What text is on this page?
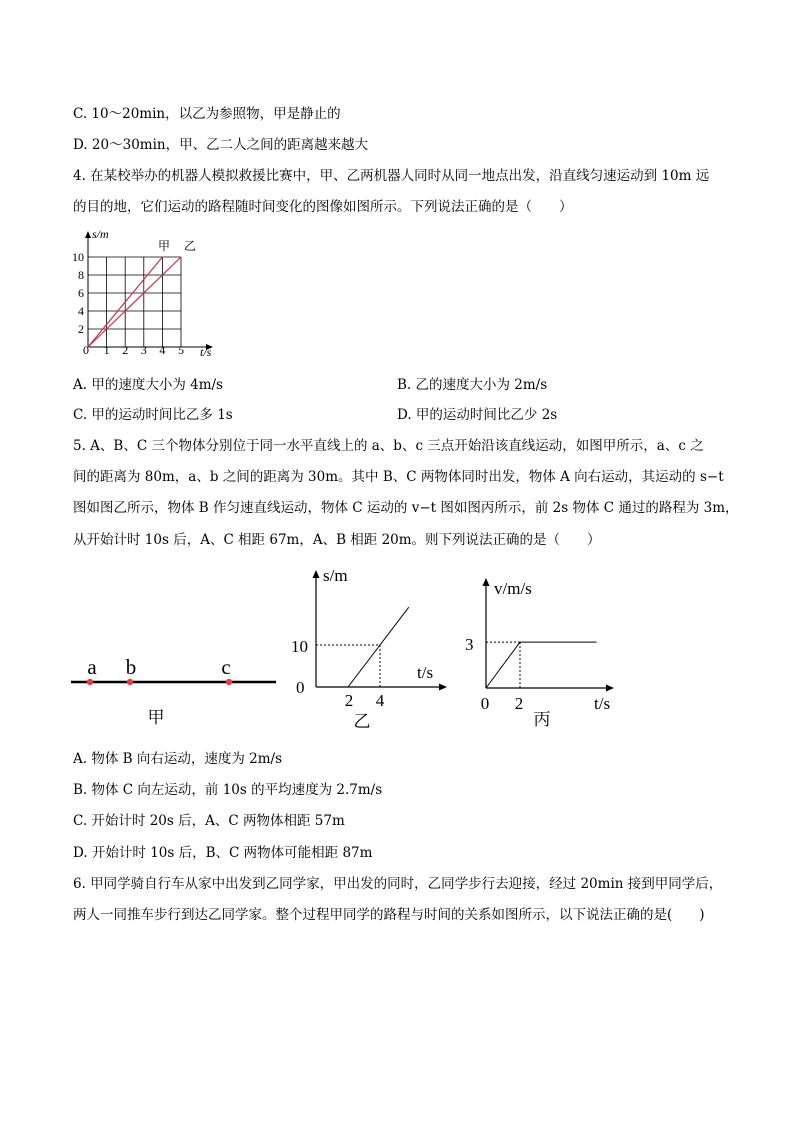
C. 10～20min，以乙为参照物，甲是静止的
D. 20～30min，甲、乙二人之间的距离越来越大
4. 在某校举办的机器人模拟救援比赛中，甲、乙两机器人同时从同一地点出发，沿直线匀速运动到 10m 远
的目的地，它们运动的路程随时间变化的图像如图所示。下列说法正确的是（　　）
10
8
6
4
2
0 1 2 3 4 5
s/m
t/s
甲 乙
A. 甲的速度大小为 4m/s	B. 乙的速度大小为 2m/s
C. 甲的运动时间比乙多 1s	D. 甲的运动时间比乙少 2s
5. A、B、C 三个物体分别位于同一水平直线上的 a、b、c 三点开始沿该直线运动，如图甲所示，a、c 之
间的距离为 80m，a、b 之间的距离为 30m。其中 B、C 两物体同时出发，物体 A 向右运动，其运动的 s−t
图如图乙所示，物体 B 作匀速直线运动，物体 C 运动的 v−t 图如图丙所示，前 2s 物体 C 通过的路程为 3m，
从开始计时 10s 后，A、C 相距 67m，A、B 相距 20m。则下列说法正确的是（　　）
a b	c
甲
s/m
t/s
10
0
2 4
乙
v/m/s
t/s
3
0 2
丙
A. 物体 B 向右运动，速度为 2m/s
B. 物体 C 向左运动，前 10s 的平均速度为 2.7m/s
C. 开始计时 20s 后，A、C 两物体相距 57m
D. 开始计时 10s 后，B、C 两物体可能相距 87m
6. 甲同学骑自行车从家中出发到乙同学家，甲出发的同时，乙同学步行去迎接，经过 20min 接到甲同学后，
两人一同推车步行到达乙同学家。整个过程甲同学的路程与时间的关系如图所示，以下说法正确的是(　　)
